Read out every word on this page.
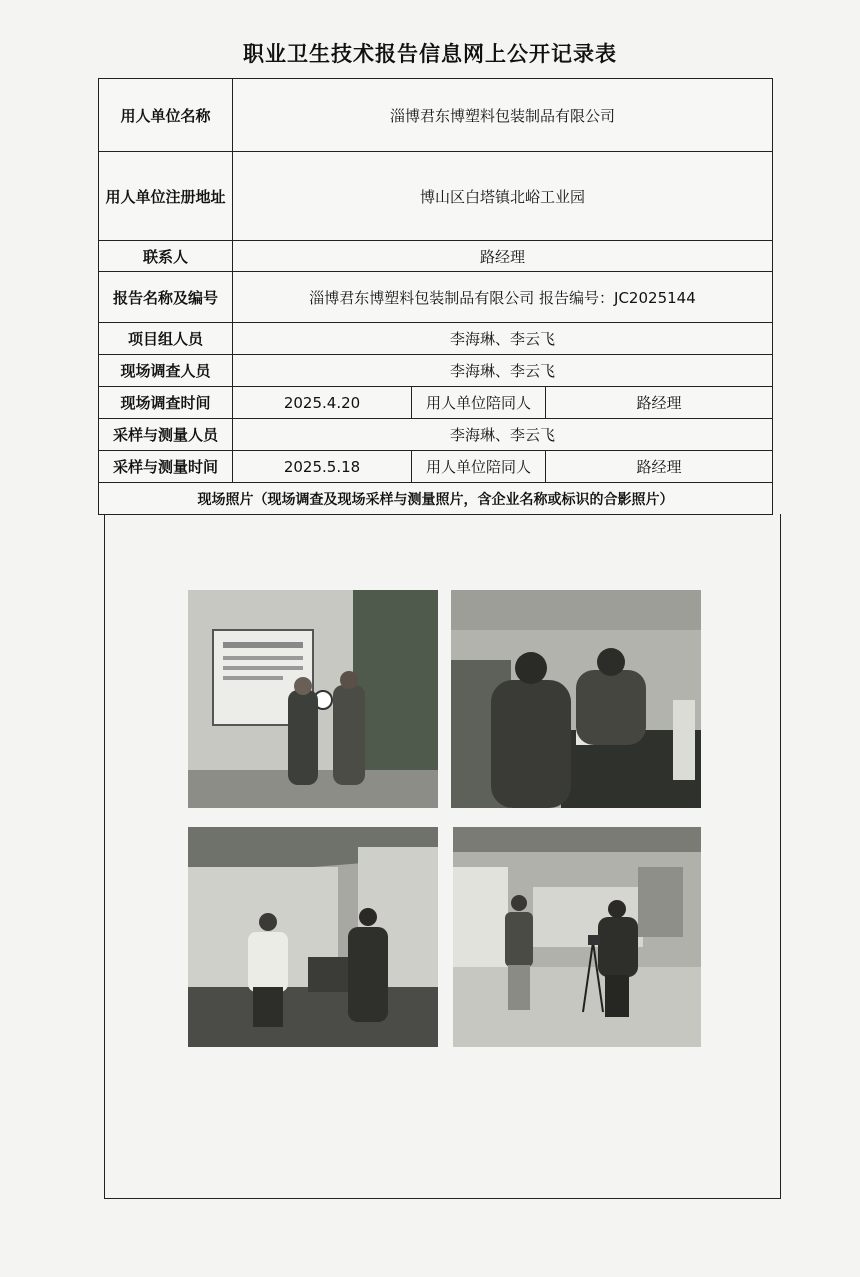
职业卫生技术报告信息网上公开记录表
用人单位名称	淄博君东博塑料包装制品有限公司		
用人单位注册地址	博山区白塔镇北峪工业园		
联系人	路经理		
报告名称及编号	淄博君东博塑料包装制品有限公司 报告编号：JC2025144		
项目组人员	李海琳、李云飞		
现场调查人员	李海琳、李云飞		
现场调查时间	2025.4.20	用人单位陪同人	路经理
采样与测量人员	李海琳、李云飞		
采样与测量时间	2025.5.18	用人单位陪同人	路经理
现场照片（现场调查及现场采样与测量照片，含企业名称或标识的合影照片）			
